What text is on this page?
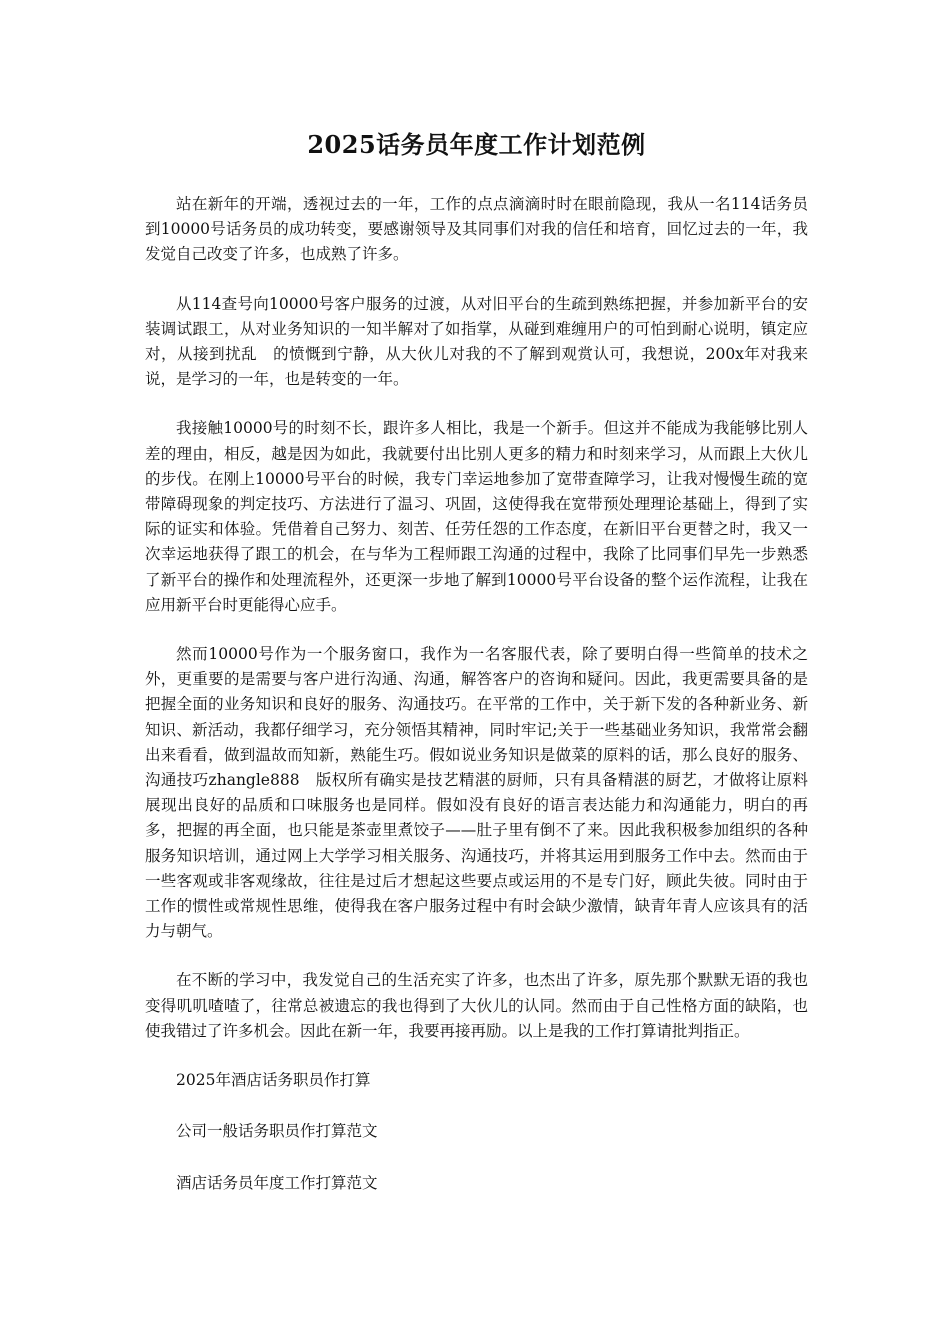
2025话务员年度工作计划范例

站在新年的开端，透视过去的一年，工作的点点滴滴时时在眼前隐现，我从一名114话务员到10000号话务员的成功转变，要感谢领导及其同事们对我的信任和培育，回忆过去的一年，我发觉自己改变了许多，也成熟了许多。

从114查号向10000号客户服务的过渡，从对旧平台的生疏到熟练把握，并参加新平台的安装调试跟工，从对业务知识的一知半解对了如指掌，从碰到难缠用户的可怕到耐心说明，镇定应对，从接到扰乱　的愤慨到宁静，从大伙儿对我的不了解到观赏认可，我想说，200x年对我来说，是学习的一年，也是转变的一年。

我接触10000号的时刻不长，跟许多人相比，我是一个新手。但这并不能成为我能够比别人差的理由，相反，越是因为如此，我就要付出比别人更多的精力和时刻来学习，从而跟上大伙儿的步伐。在刚上10000号平台的时候，我专门幸运地参加了宽带查障学习，让我对慢慢生疏的宽带障碍现象的判定技巧、方法进行了温习、巩固，这使得我在宽带预处理理论基础上，得到了实际的证实和体验。凭借着自己努力、刻苦、任劳任怨的工作态度，在新旧平台更替之时，我又一次幸运地获得了跟工的机会，在与华为工程师跟工沟通的过程中，我除了比同事们早先一步熟悉了新平台的操作和处理流程外，还更深一步地了解到10000号平台设备的整个运作流程，让我在应用新平台时更能得心应手。

然而10000号作为一个服务窗口，我作为一名客服代表，除了要明白得一些简单的技术之外，更重要的是需要与客户进行沟通、沟通，解答客户的咨询和疑问。因此，我更需要具备的是把握全面的业务知识和良好的服务、沟通技巧。在平常的工作中，关于新下发的各种新业务、新知识、新活动，我都仔细学习，充分领悟其精神，同时牢记;关于一些基础业务知识，我常常会翻出来看看，做到温故而知新，熟能生巧。假如说业务知识是做菜的原料的话，那么良好的服务、沟通技巧zhangle888　版权所有确实是技艺精湛的厨师，只有具备精湛的厨艺，才做将让原料展现出良好的品质和口味服务也是同样。假如没有良好的语言表达能力和沟通能力，明白的再多，把握的再全面，也只能是茶壶里煮饺子——肚子里有倒不了来。因此我积极参加组织的各种服务知识培训，通过网上大学学习相关服务、沟通技巧，并将其运用到服务工作中去。然而由于一些客观或非客观缘故，往往是过后才想起这些要点或运用的不是专门好，顾此失彼。同时由于工作的惯性或常规性思维，使得我在客户服务过程中有时会缺少激情，缺青年青人应该具有的活力与朝气。

在不断的学习中，我发觉自己的生活充实了许多，也杰出了许多，原先那个默默无语的我也变得叽叽喳喳了，往常总被遗忘的我也得到了大伙儿的认同。然而由于自己性格方面的缺陷，也使我错过了许多机会。因此在新一年，我要再接再励。以上是我的工作打算请批判指正。

2025年酒店话务职员作打算

公司一般话务职员作打算范文

酒店话务员年度工作打算范文
